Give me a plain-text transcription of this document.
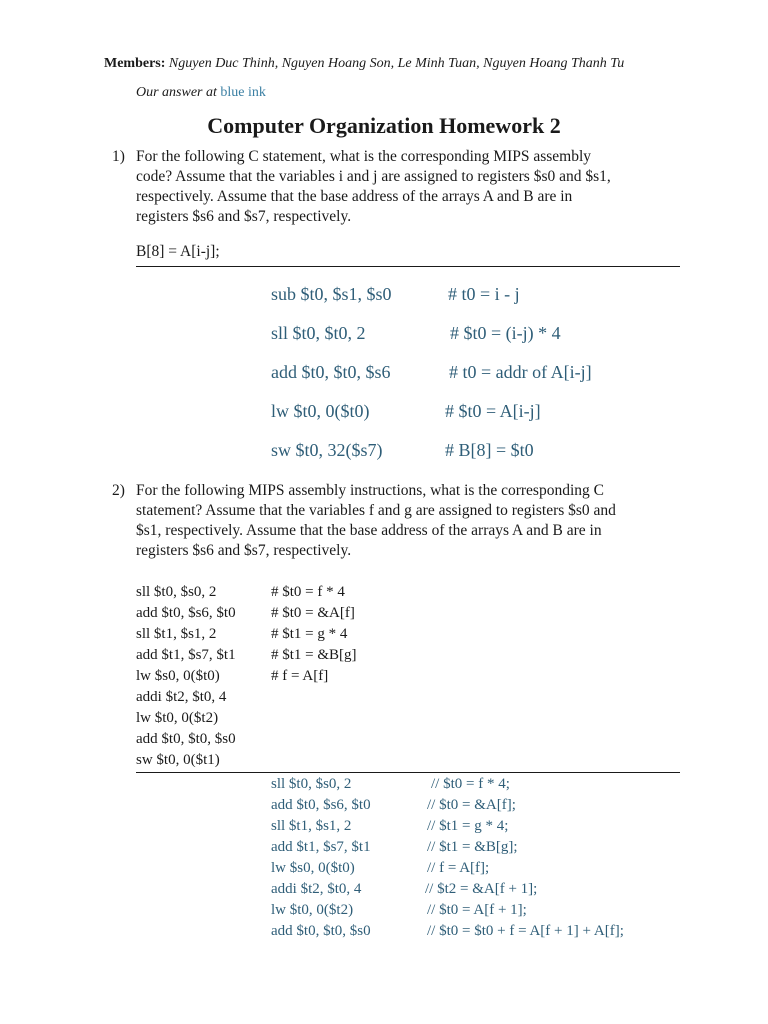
Members: Nguyen Duc Thinh, Nguyen Hoang Son, Le Minh Tuan, Nguyen Hoang Thanh Tu
Our answer at blue ink
Computer Organization Homework 2
1) For the following C statement, what is the corresponding MIPS assembly
code? Assume that the variables i and j are assigned to registers $s0 and $s1,
respectively. Assume that the base address of the arrays A and B are in
registers $s6 and $s7, respectively.
B[8] = A[i-j];
sub $t0, $s1, $s0	# t0 = i - j
sll $t0, $t0, 2	# $t0 = (i-j) * 4
add $t0, $t0, $s6	# t0 = addr of A[i-j]
lw $t0, 0($t0)	# $t0 = A[i-j]
sw $t0, 32($s7)	# B[8] = $t0
2) For the following MIPS assembly instructions, what is the corresponding C
statement? Assume that the variables f and g are assigned to registers $s0 and
$s1, respectively. Assume that the base address of the arrays A and B are in
registers $s6 and $s7, respectively.
sll $t0, $s0, 2	# $t0 = f * 4
add $t0, $s6, $t0 # $t0 = &A[f]
sll $t1, $s1, 2	# $t1 = g * 4
add $t1, $s7, $t1 # $t1 = &B[g]
lw $s0, 0($t0)	# f = A[f]
addi $t2, $t0, 4
lw $t0, 0($t2)
add $t0, $t0, $s0
sw $t0, 0($t1)
sll $t0, $s0, 2	// $t0 = f * 4;
add $t0, $s6, $t0	// $t0 = &A[f];
sll $t1, $s1, 2	// $t1 = g * 4;
add $t1, $s7, $t1	// $t1 = &B[g];
lw $s0, 0($t0)	// f = A[f];
addi $t2, $t0, 4	// $t2 = &A[f + 1];
lw $t0, 0($t2)	// $t0 = A[f + 1];
add $t0, $t0, $s0	// $t0 = $t0 + f = A[f + 1] + A[f];
